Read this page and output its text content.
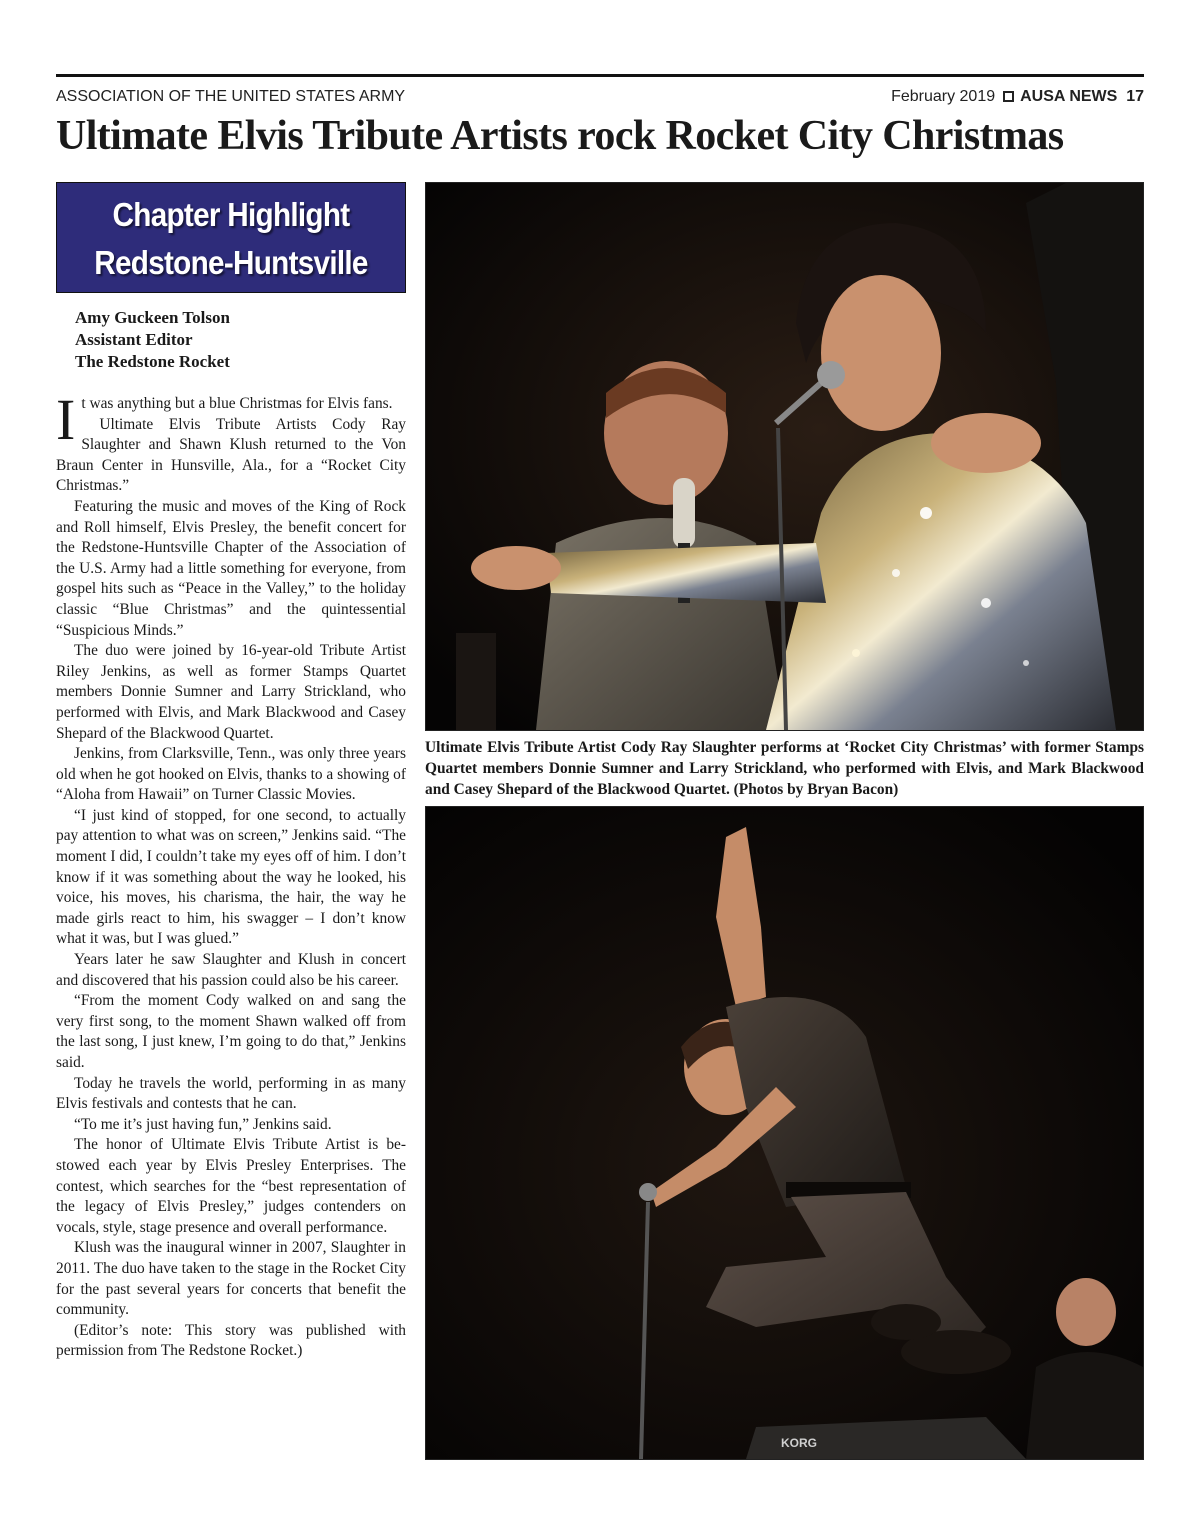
ASSOCIATION OF THE UNITED STATES ARMY	February 2019 AUSA NEWS 17
Ultimate Elvis Tribute Artists rock Rocket City Christmas
Chapter Highlight
Redstone-Huntsville
Amy Guckeen Tolson
Assistant Editor
The Redstone Rocket

It was anything but a blue Christmas for Elvis fans.

Ultimate Elvis Tribute Artists Cody Ray Slaughter and Shawn Klush returned to the Von Braun Center in Hunsville, Ala., for a “Rocket City Christmas.”

Featuring the music and moves of the King of Rock and Roll himself, Elvis Presley, the benefit concert for the Redstone-Huntsville Chapter of the Association of the U.S. Army had a little something for everyone, from gospel hits such as “Peace in the Valley,” to the holiday classic “Blue Christmas” and the quintessential “Suspicious Minds.”

The duo were joined by 16-year-old Tribute Artist Riley Jenkins, as well as former Stamps Quartet members Donnie Sumner and Larry Strickland, who performed with Elvis, and Mark Blackwood and Casey Shepard of the Blackwood Quartet.

Jenkins, from Clarksville, Tenn., was only three years old when he got hooked on Elvis, thanks to a showing of “Aloha from Hawaii” on Turner Classic Movies.

“I just kind of stopped, for one second, to actually pay attention to what was on screen,” Jenkins said. “The moment I did, I couldn’t take my eyes off of him. I don’t know if it was something about the way he looked, his voice, his moves, his charisma, the hair, the way he made girls react to him, his swagger – I don’t know what it was, but I was glued.”

Years later he saw Slaughter and Klush in concert and discovered that his passion could also be his career.

“From the moment Cody walked on and sang the very first song, to the moment Shawn walked off from the last song, I just knew, I’m going to do that,” Jenkins said.

Today he travels the world, performing in as many Elvis festivals and contests that he can.

“To me it’s just having fun,” Jenkins said.

The honor of Ultimate Elvis Tribute Artist is bestowed each year by Elvis Presley Enterprises. The contest, which searches for the “best representation of the legacy of Elvis Presley,” judges contenders on vocals, style, stage presence and overall performance.

Klush was the inaugural winner in 2007, Slaughter in 2011. The duo have taken to the stage in the Rocket City for the past several years for concerts that benefit the community.

(Editor’s note: This story was published with permission from The Redstone Rocket.)

Ultimate Elvis Tribute Artist Cody Ray Slaughter performs at ‘Rocket City Christmas’ with former Stamps Quartet members Donnie Sumner and Larry Strickland, who performed with Elvis, and Mark Blackwood and Casey Shepard of the Blackwood Quartet. (Photos by Bryan Bacon)
KORG
